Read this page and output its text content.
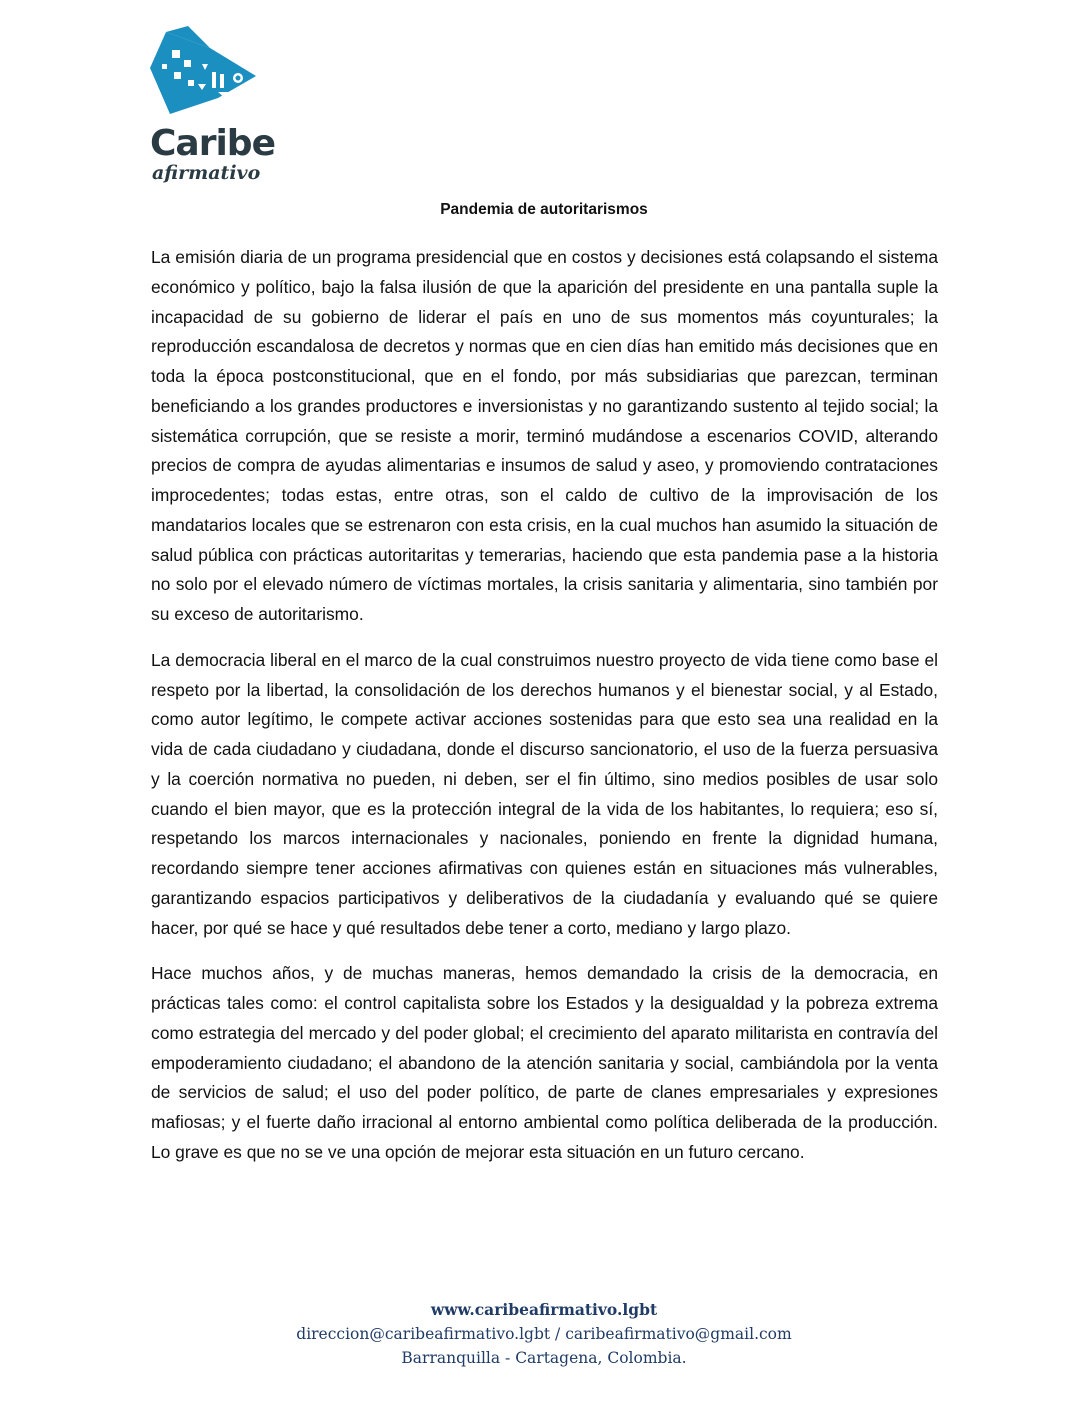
Caribe
afirmativo
Pandemia de autoritarismos

La emisión diaria de un programa presidencial que en costos y decisiones está colapsando el sistema económico y político, bajo la falsa ilusión de que la aparición del presidente en una pantalla suple la incapacidad de su gobierno de liderar el país en uno de sus momentos más coyunturales; la reproducción escandalosa de decretos y normas que en cien días han emitido más decisiones que en toda la época postconstitucional, que en el fondo, por más subsidiarias que parezcan, terminan beneficiando a los grandes productores e inversionistas y no garantizando sustento al tejido social; la sistemática corrupción, que se resiste a morir, terminó mudándose a escenarios COVID, alterando precios de compra de ayudas alimentarias e insumos de salud y aseo, y promoviendo contrataciones improcedentes; todas estas, entre otras, son el caldo de cultivo de la improvisación de los mandatarios locales que se estrenaron con esta crisis, en la cual muchos han asumido la situación de salud pública con prácticas autoritaritas y temerarias, haciendo que esta pandemia pase a la historia no solo por el elevado número de víctimas mortales, la crisis sanitaria y alimentaria, sino también por su exceso de autoritarismo.

La democracia liberal en el marco de la cual construimos nuestro proyecto de vida tiene como base el respeto por la libertad, la consolidación de los derechos humanos y el bienestar social, y al Estado, como autor legítimo, le compete activar acciones sostenidas para que esto sea una realidad en la vida de cada ciudadano y ciudadana, donde el discurso sancionatorio, el uso de la fuerza persuasiva y la coerción normativa no pueden, ni deben, ser el fin último, sino medios posibles de usar solo cuando el bien mayor, que es la protección integral de la vida de los habitantes, lo requiera; eso sí, respetando los marcos internacionales y nacionales, poniendo en frente la dignidad humana, recordando siempre tener acciones afirmativas con quienes están en situaciones más vulnerables, garantizando espacios participativos y deliberativos de la ciudadanía y evaluando qué se quiere hacer, por qué se hace y qué resultados debe tener a corto, mediano y largo plazo.

Hace muchos años, y de muchas maneras, hemos demandado la crisis de la democracia, en prácticas tales como: el control capitalista sobre los Estados y la desigualdad y la pobreza extrema como estrategia del mercado y del poder global; el crecimiento del aparato militarista en contravía del empoderamiento ciudadano; el abandono de la atención sanitaria y social, cambiándola por la venta de servicios de salud; el uso del poder político, de parte de clanes empresariales y expresiones mafiosas; y el fuerte daño irracional al entorno ambiental como política deliberada de la producción. Lo grave es que no se ve una opción de mejorar esta situación en un futuro cercano.

www.caribeafirmativo.lgbt
direccion@caribeafirmativo.lgbt / caribeafirmativo@gmail.com
Barranquilla - Cartagena, Colombia.
